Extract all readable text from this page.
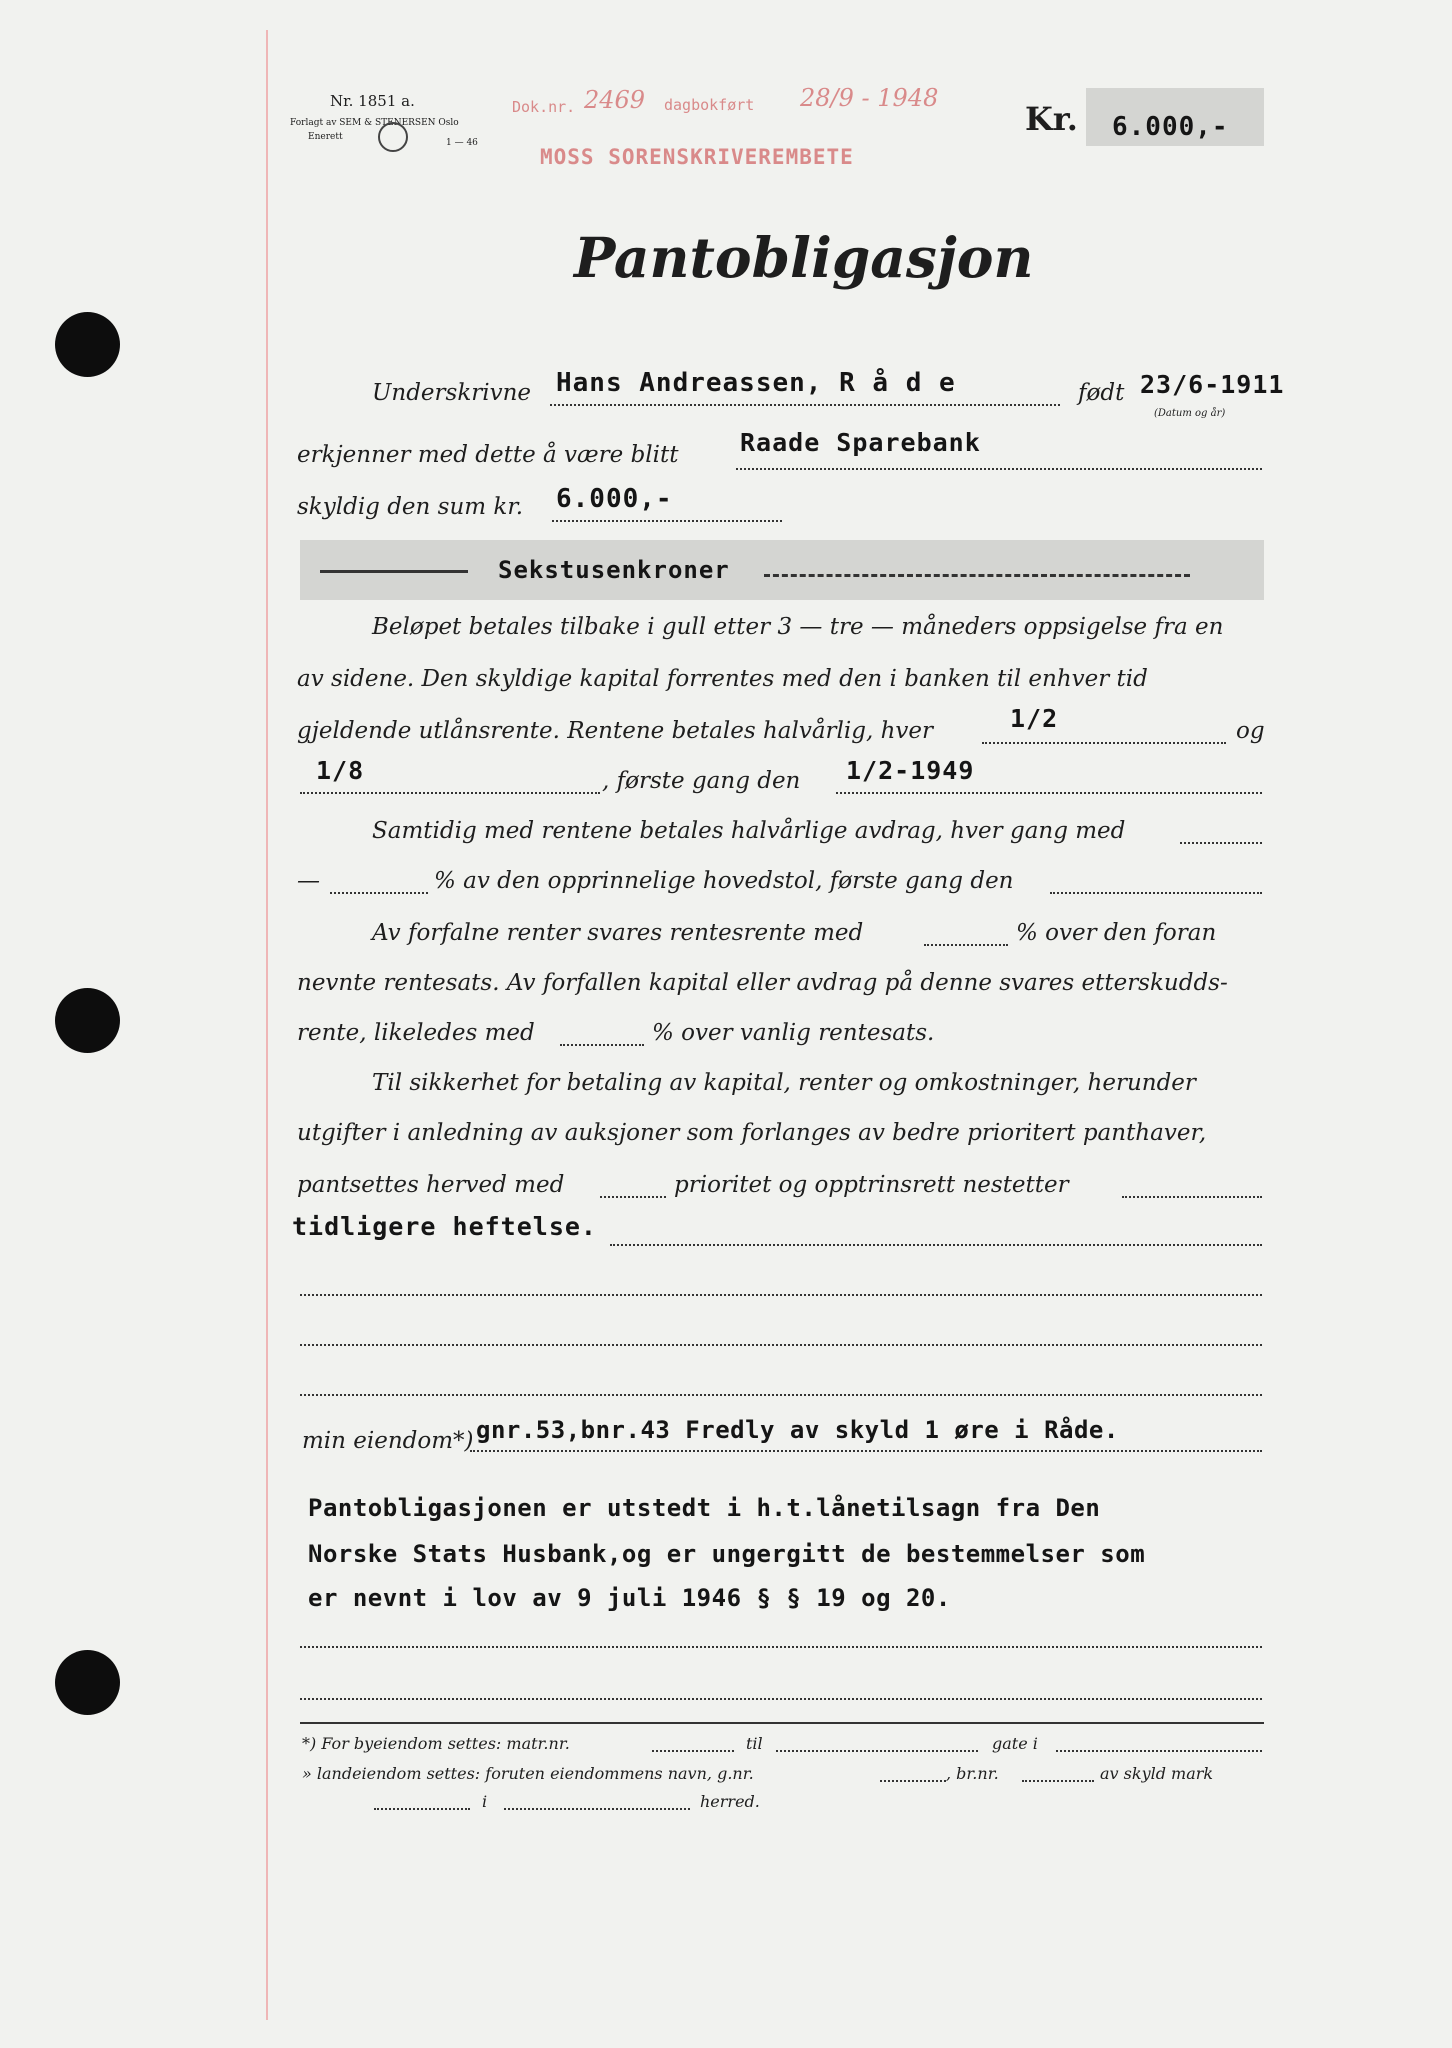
Nr. 1851 a.
Forlagt av SEM & STENERSEN Oslo
Enerett
1 — 46
Dok.nr. 2469 dagbokført 28/9 - 1948
MOSS SORENSKRIVEREMBETE
Kr. 6.000,-
Pantobligasjon
Underskrivne Hans Andreassen, R å d e	født 23/6-1911
(Datum og år)
erkjenner med dette å være blitt Raade Sparebank
skyldig den sum kr. 6.000,-
Sekstusenkroner
Beløpet betales tilbake i gull etter 3 — tre — måneders oppsigelse fra en
av sidene. Den skyldige kapital forrentes med den i banken til enhver tid
gjeldende utlånsrente. Rentene betales halvårlig, hver	1/2	og
1/8	, første gang den 1/2-1949
Samtidig med rentene betales halvårlige avdrag, hver gang med
—	% av den opprinnelige hovedstol, første gang den
Av forfalne renter svares rentesrente med	% over den foran
nevnte rentesats. Av forfallen kapital eller avdrag på denne svares etterskudds-
rente, likeledes med	% over vanlig rentesats.
Til sikkerhet for betaling av kapital, renter og omkostninger, herunder
utgifter i anledning av auksjoner som forlanges av bedre prioritert panthaver,
pantsettes herved med	prioritet og opptrinsrett nestetter
tidligere heftelse.
min eiendom*) gnr.53,bnr.43 Fredly av skyld 1 øre i Råde.
Pantobligasjonen er utstedt i h.t.lånetilsagn fra Den
Norske Stats Husbank,og er ungergitt de bestemmelser som
er nevnt i lov av 9 juli 1946 § § 19 og 20.
*) For byeiendom settes: matr.nr.	til	gate i
» landeiendom settes: foruten eiendommens navn, g.nr.	, br.nr.	av skyld mark
i	herred.
